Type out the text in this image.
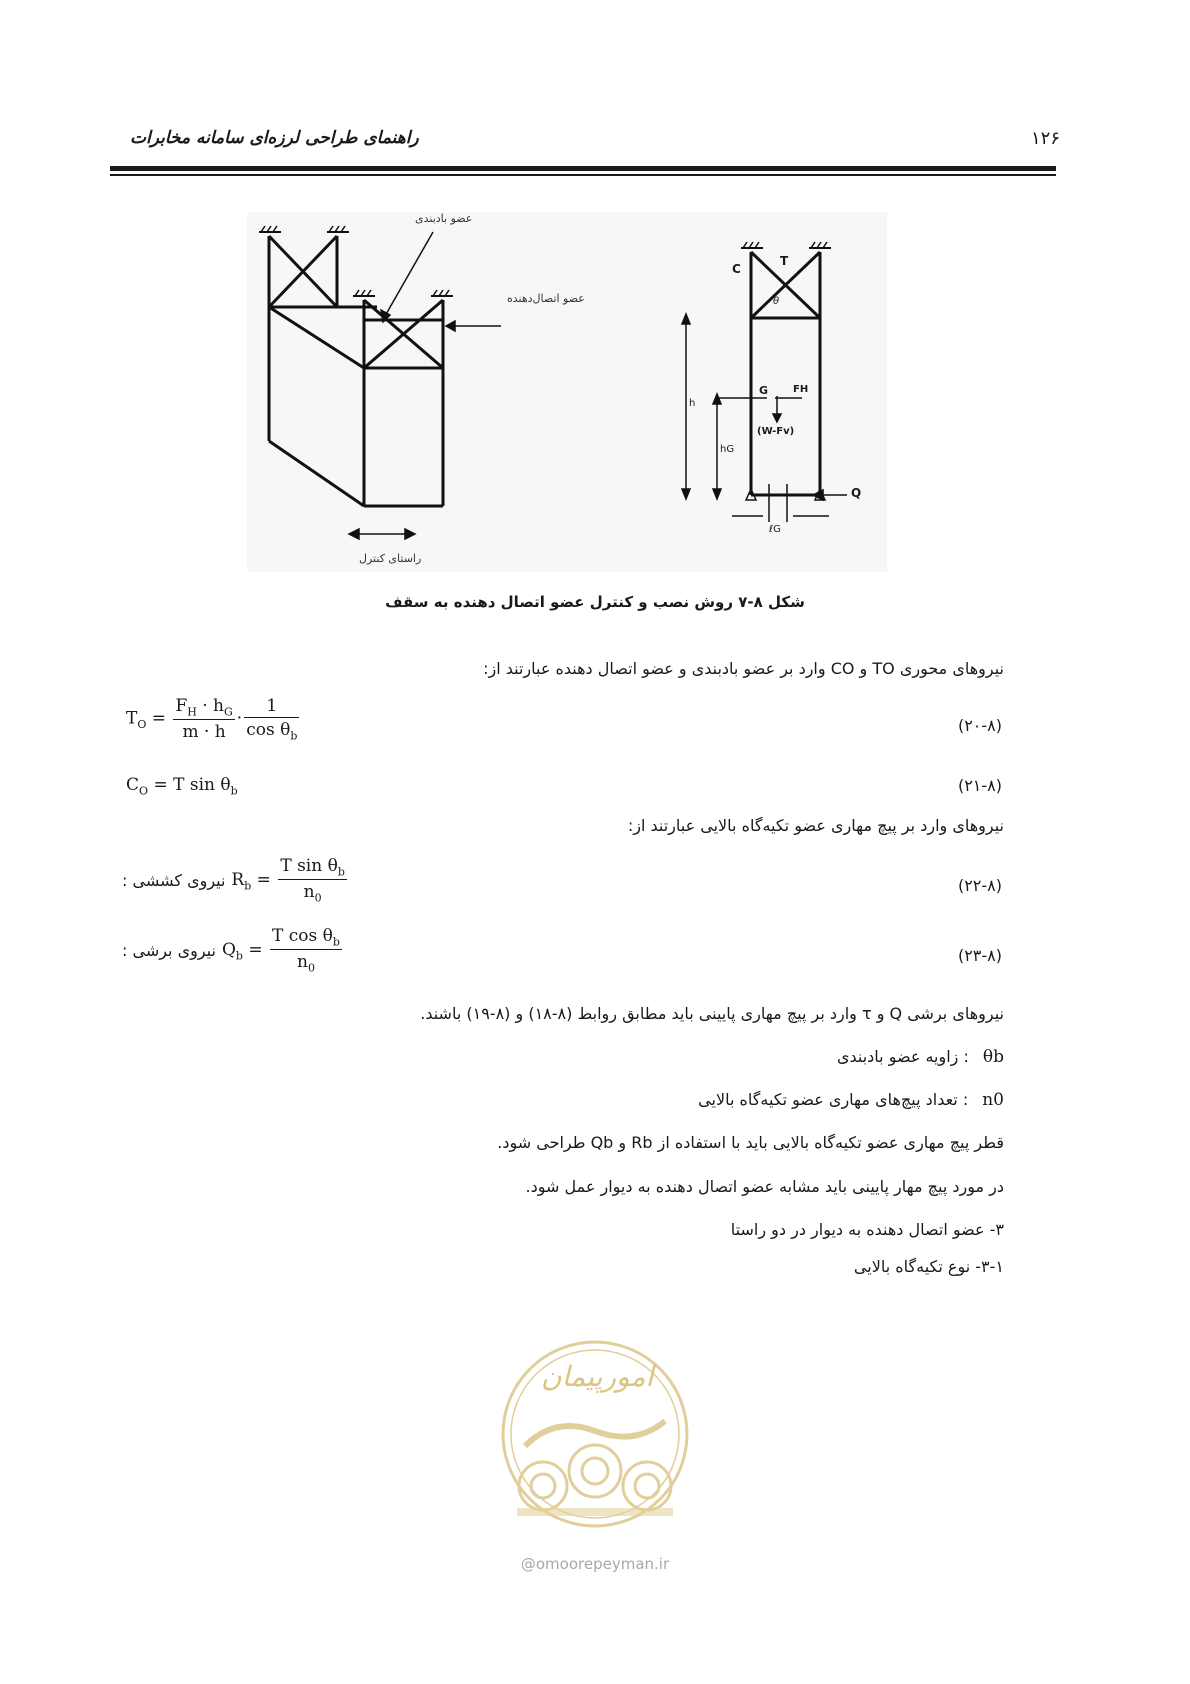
راهنمای طراحی لرزه‌ای سامانه مخابرات	۱۲۶
عضو بادبندی
عضو اتصال‌دهنده
راستای کنترل
C
T
θ
h
hG
G FH
(W-Fv)
Q
ℓG
شکل ۸-۷ روش نصب و کنترل عضو اتصال دهنده به سقف
نیروهای محوری TO و CO وارد بر عضو بادبندی و عضو اتصال دهنده عبارتند از:
$T_O = \frac{F_H \cdot h_G}{m \cdot h} \cdot \frac{1}{\cos \theta_b}$	(۲۰-۸)
$C_O = T$ $\sin \theta_b$	(۲۱-۸)
نیروهای وارد بر پیچ مهاری عضو تکیه‌گاه بالایی عبارتند از:
نیروی کششی : $R_b = \frac{T \sin \theta_b}{n_0}$	(۲۲-۸)
نیروی برشی : $Q_b = \frac{T \cos \theta_b}{n_0}$	(۲۳-۸)
نیروهای برشی Q و τ وارد بر پیچ مهاری پایینی باید مطابق روابط (۸-۱۸) و (۸-۱۹) باشند.
θb
: زاویه عضو بادبندی
n0
: تعداد پیچ‌های مهاری عضو تکیه‌گاه بالایی
قطر پیچ مهاری عضو تکیه‌گاه بالایی باید با استفاده از Rb و Qb طراحی شود.
در مورد پیچ مهار پایینی باید مشابه عضو اتصال دهنده به دیوار عمل شود.
۳- عضو اتصال دهنده به دیوار در دو راستا
۳-۱- نوع تکیه‌گاه بالایی
امورپیمان
@omoorepeyman.ir
